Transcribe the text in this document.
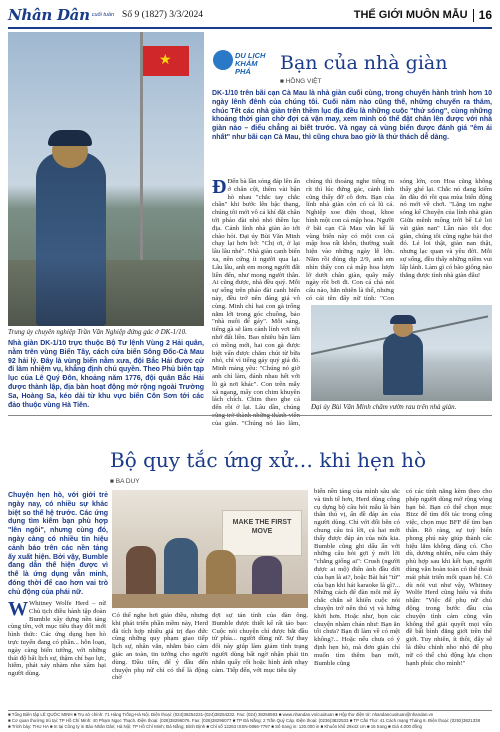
Nhân Dân cuối tuần Số 9 (1827) 3/3/2024	THẾ GIỚI MUÔN MẪU 16
★
Trung úy chuyên nghiệp Trần Văn Nghiệp đứng gác ở DK-1/10.
DU LỊCH
KHÁM PHÁ	Bạn của nhà giàn
■ HỒNG VIỆT
DK-1/10 trên bãi cạn Cà Mau là nhà giàn cuối cùng, trong chuyến hành trình hơn 10 ngày lênh đênh của chúng tôi. Cuối năm nào cũng thế, những chuyến ra thăm, chúc Tết các nhà giàn trên thềm lục địa đều là những cuộc "thử sóng", cùng những khoảng thời gian chờ đợi cả vận may, xem mình có thể đặt chân lên được với nhà giàn nào – điểu chẳng ai biết trước. Và ngay cả vùng biển được đánh giá "êm ái nhất" như bãi cạn Cà Mau, thì cũng chưa bao giờ là thử thách dễ dàng.
Nhà giàn DK-1/10 trực thuộc Bộ Tư lệnh Vùng 2 Hải quân, nằm trên vùng Biển Tây, cách cửa biển Sông Đốc-Cà Mau 92 hải lý. Đây là vùng biển nằm xưa, đội Bắc Hải được cử đi làm nhiệm vụ, khẳng định chủ quyền. Theo Phủ biên tạp lục của Lê Quý Đôn, khoảng năm 1776, đội quân Bắc Hải được thành lập, địa bàn hoạt động mở rộng ngoài Trường Sa, Hoàng Sa, kéo dài từ khu vực biển Côn Sơn tới các đảo thuộc vùng Hà Tiên.
Đ Đến bà lần sóng đáp lên ấn ở chân cột, thêm vài bận hò nhau "chắc tay chắc chân" khi bước lên bậc thang, chúng tôi mới vô cả khí đặt chân tới phảo đài nhỏ nhỏ thềm lục địa. Cảnh lính nhà giàn ào tới chào hỏi. Đại úy Bùi Văn Minh chạy lại hơn hở: "Chị ơi, ở lại lâu lâu nhé". Nhà giàn canh biển xa, nên cứng ít người qua lại. Lâu lâu, anh em mong người đất liền đến, như mong người thân. Ai cũng được, nhà đều quý. Mỗi sự sống trên pháo đài canh biển này, đều trở nên đáng giá vô cùng. Minh chỉ hai con gà trống nằm lởi trong góc chuồng, bảo "nhà nuôi để gáy". Mỗi sáng, tiếng gà sẽ làm cánh lính vơi nỗi nhớ đất liền. Bao nhiêu bận làm cỏ mồng mới, hai con gà được biệt vấn được chăm chút từ bữa nhỏ, chỉ vì tiếng gáy quý giá đó. Minh mảng yêu: "Chúng nó giờ anh chỉ làm, đánh nhau hết với lũ gà nơi khác". Con trên mẫy xã ngang, mấy con chim khuyên lách chích. Chim theo ghe cá đến rồi ở lại. Lâu dần, chúng của giàn. "Chúng nó lảo lãm,
chúng thì thoảng nghe tiếng ru rít thì lúc đứng gác, cánh lính cũng thấy đỡ cô đơn. Bạn của lính nhà giàn còn có cả lũ cá. Nghiệp xoe điện thoại, khoe hình một con cá mập hoa. Người ở bãi cạn Cà Mau vẫn kể là vùng biển này có một con cá mập hoa rất khôn, thường xuất hiện vào những ngày lễ lớn. Năm rồi đúng dịp 2/9, anh em nhìn thấy con cá mập hoa lượn lờ dưới chân giàn, quây mấy ngày rồi bơi đi. Con cá chả nói câu nào, hẳn nhiên là thế, nhưng có cái tên đẩy nữ tính: "Con
sóng lớn, con Hoa cũng không thấy ghé lại. Chắc nó đang kiếm ăn đâu đó rồi qua mùa biển động nó mới về chơi. "Lặng im nghe sóng kể Chuyện của lính nhà giàn Giữa mênh mông trời bể Lẻ loi vài giàn nan" Lần nào tôi đọc giàn, chúng tôi cũng nghe bài thơ đó. Lẻ loi thật, giàn nan thật, nhưng lạc quan và yêu đời. Mỗi sự sống, đều thấy những niềm vui lấp lánh. Làm gì có bão giông nào thắng được tình nhà giàn đâu!
Đại úy Bùi Văn Minh chăm vườn rau trên nhà giàn.
Bộ quy tắc ứng xử… khi hẹn hò
■ BA DUY
Chuyện hẹn hò, với giới trẻ ngày nay, có nhiều sự khác biệt so thế hệ trước. Các ứng dụng tìm kiếm bạn phù hợp "lên ngôi", nhưng cùng đó, ngày càng có nhiều tin hiệu cảnh báo trên các nền tảng ấy xuất hiện. Bởi vậy, Bumble đang dẫn thế hiện được vì thế là ứng dụng vẫn minh, đóng thời để cao hơn vai trò chủ động của phái nữ.
MAKE THE FIRST MOVE
W Whitney Wolfe Herd – nữ Chủ tịch điều hành tập đoàn Bumble xây dựng nền tảng cùng tên, với mục tiêu thay đổi mới hình thức: Các ứng dụng hẹn hò trực tuyến đang có phần... hỗn loạn, ngày càng biến tướng, với những thái độ bất lịch sự, thậm chí bạo lực, hiếm, phát xảy nhàm nhe xâm hại người dùng.
Có thể nghe hơi giáo điều, nhưng khi phát triển phần mềm này, Herd đã tích hợp nhiều giá trị đạo đức cùng những quy phạm giao tiếp lịch sự, nhân văn, nhằm bảo cảm giác an toàn, tin tưởng cho người dùng. Đầu tiên, để ý đầu đến chuyện phụ nữ chỉ có thể là động chờ
đợi sự tán tỉnh của đàn ông. Bumble được thiết kế rất táo bạo: Cuộc nói chuyện chỉ được bắt đầu từ phía... người dùng nữ. Sự thay đổi này giúp làm giảm tình trạng người dùng bất ngờ nhận phải tin nhắn quấy rối hoặc hình ảnh nhạy cảm. Tiếp đến, với mục tiêu tây
biến nền tảng của mình sâu sắc và tinh tế hơn, Herd dùng công cụ dựng bộ câu hỏi mẫu là bản thân thú vị, ấn đề đáp án của người dùng. Chỉ với đối bên có chung câu trả lời, cả hai mới thấy được đáp án của nửa kia. Bumble cũng ghi dấu ấn với những câu hỏi gợi ý mới lời "chẳng giống ai": Crush (người được ai mộ) điển ảnh đầu đời của bạn là ai?, hoặc Bài hát "từ" của bạn khi hát karaoke là gì?... Những cách để đàn môi mê ấy chắc chắn sẽ khiến cuộc nói chuyện trở nên thú vị và hứng khởi hơn. Hoặc như, bọn các chuyện nhàm chán như: Bạn ăn tối chưa? Bạn đi làm về có mệt không?... Hoặc nếu chưa có ý định hẹn hò, mà đơn giản chỉ muốn tìm thêm bạn mới, Bumble cũng
có các tính năng kèm theo cho phép người dùng mở rộng vòng bạn bè. Bạn có thể chọn mục Bizz để tìm đối tác trong công việc, chọn mục BFF để tìm bạn thân. Rõ ràng, sự tuỳ biến phong phú này giúp thành các hiệu lắm không đáng có. Cho dù, dương nhiên, nếu cảm thấy phù hợp sau khi kết bạn, người dùng vẫn hoàn toàn có thể thoải mái phát triển mối quan hệ. Có dù nói vui như vậy, Whitney Wolfe Herd cũng hiểu và thừa nhận: "Việc để phụ nữ chủ động trong bước đầu của chuyện tình cảm cũng vẫn không thể giải quyết mọi vấn đề bất bình đẳng giới trên thế giới. Tuy nhiên, ít thôi, đây sẽ là điều chỉnh nho nhỏ để phụ nữ có thể chủ động lựa chọn hạnh phúc cho mình!"
■ Tổng Biên tập LÊ QUỐC MINH ■ Trụ sở chính: 71 Hàng Trống-Hà Nội. Điện thoại: (024)38254231-(024)38254232. Fax: (024) 38255593 ■ www.nhandan.vn/cuoituan ■ Hộp thư điện tử: nhandancuoituan@nhandan.vn
■ Cơ quan thường trú tại: TP Hồ Chí Minh: 40 Phạm Ngọc Thạch. Điện thoại: (028)38296076. Fax: (028)38296077 ■ TP Đà Nẵng: 2 Trần Quý Cáp. Điện thoại: (0236)3822533 ■ TP Cần Thơ: 41 Cách mạng Tháng 8. Điện thoại: (0292)3821338
■ Trình bày: THU HA ■ In tại Công ty in Báo Nhân Dân; Hà Nội; TP Hồ Chí Minh; Đà Nẵng; Bình Định ■ Chỉ số 12263 ISSN-0866-7797 ■ Số trang in: 120.000 in ■ Khuôn khổ 29x42 cm ■ 16 trang ■ Giá 4.000 đồng
